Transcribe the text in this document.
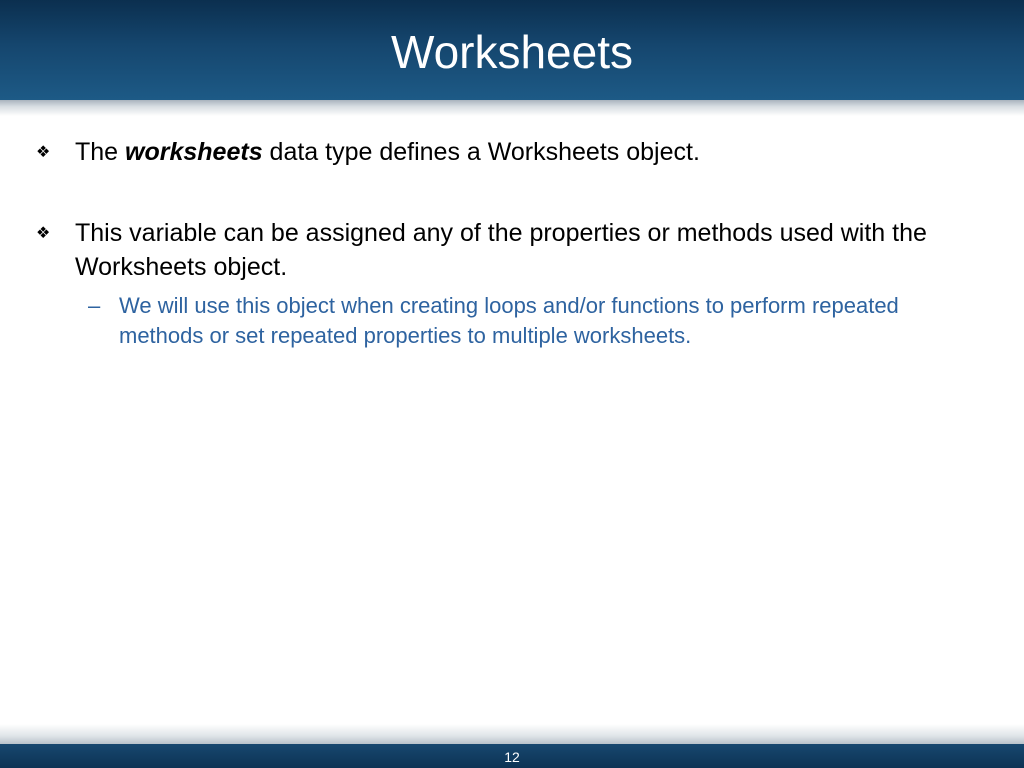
Worksheets
❖ The worksheets data type defines a Worksheets object.
❖ This variable can be assigned any of the properties or methods used with the Worksheets object.
– We will use this object when creating loops and/or functions to perform repeated methods or set repeated properties to multiple worksheets.
12
